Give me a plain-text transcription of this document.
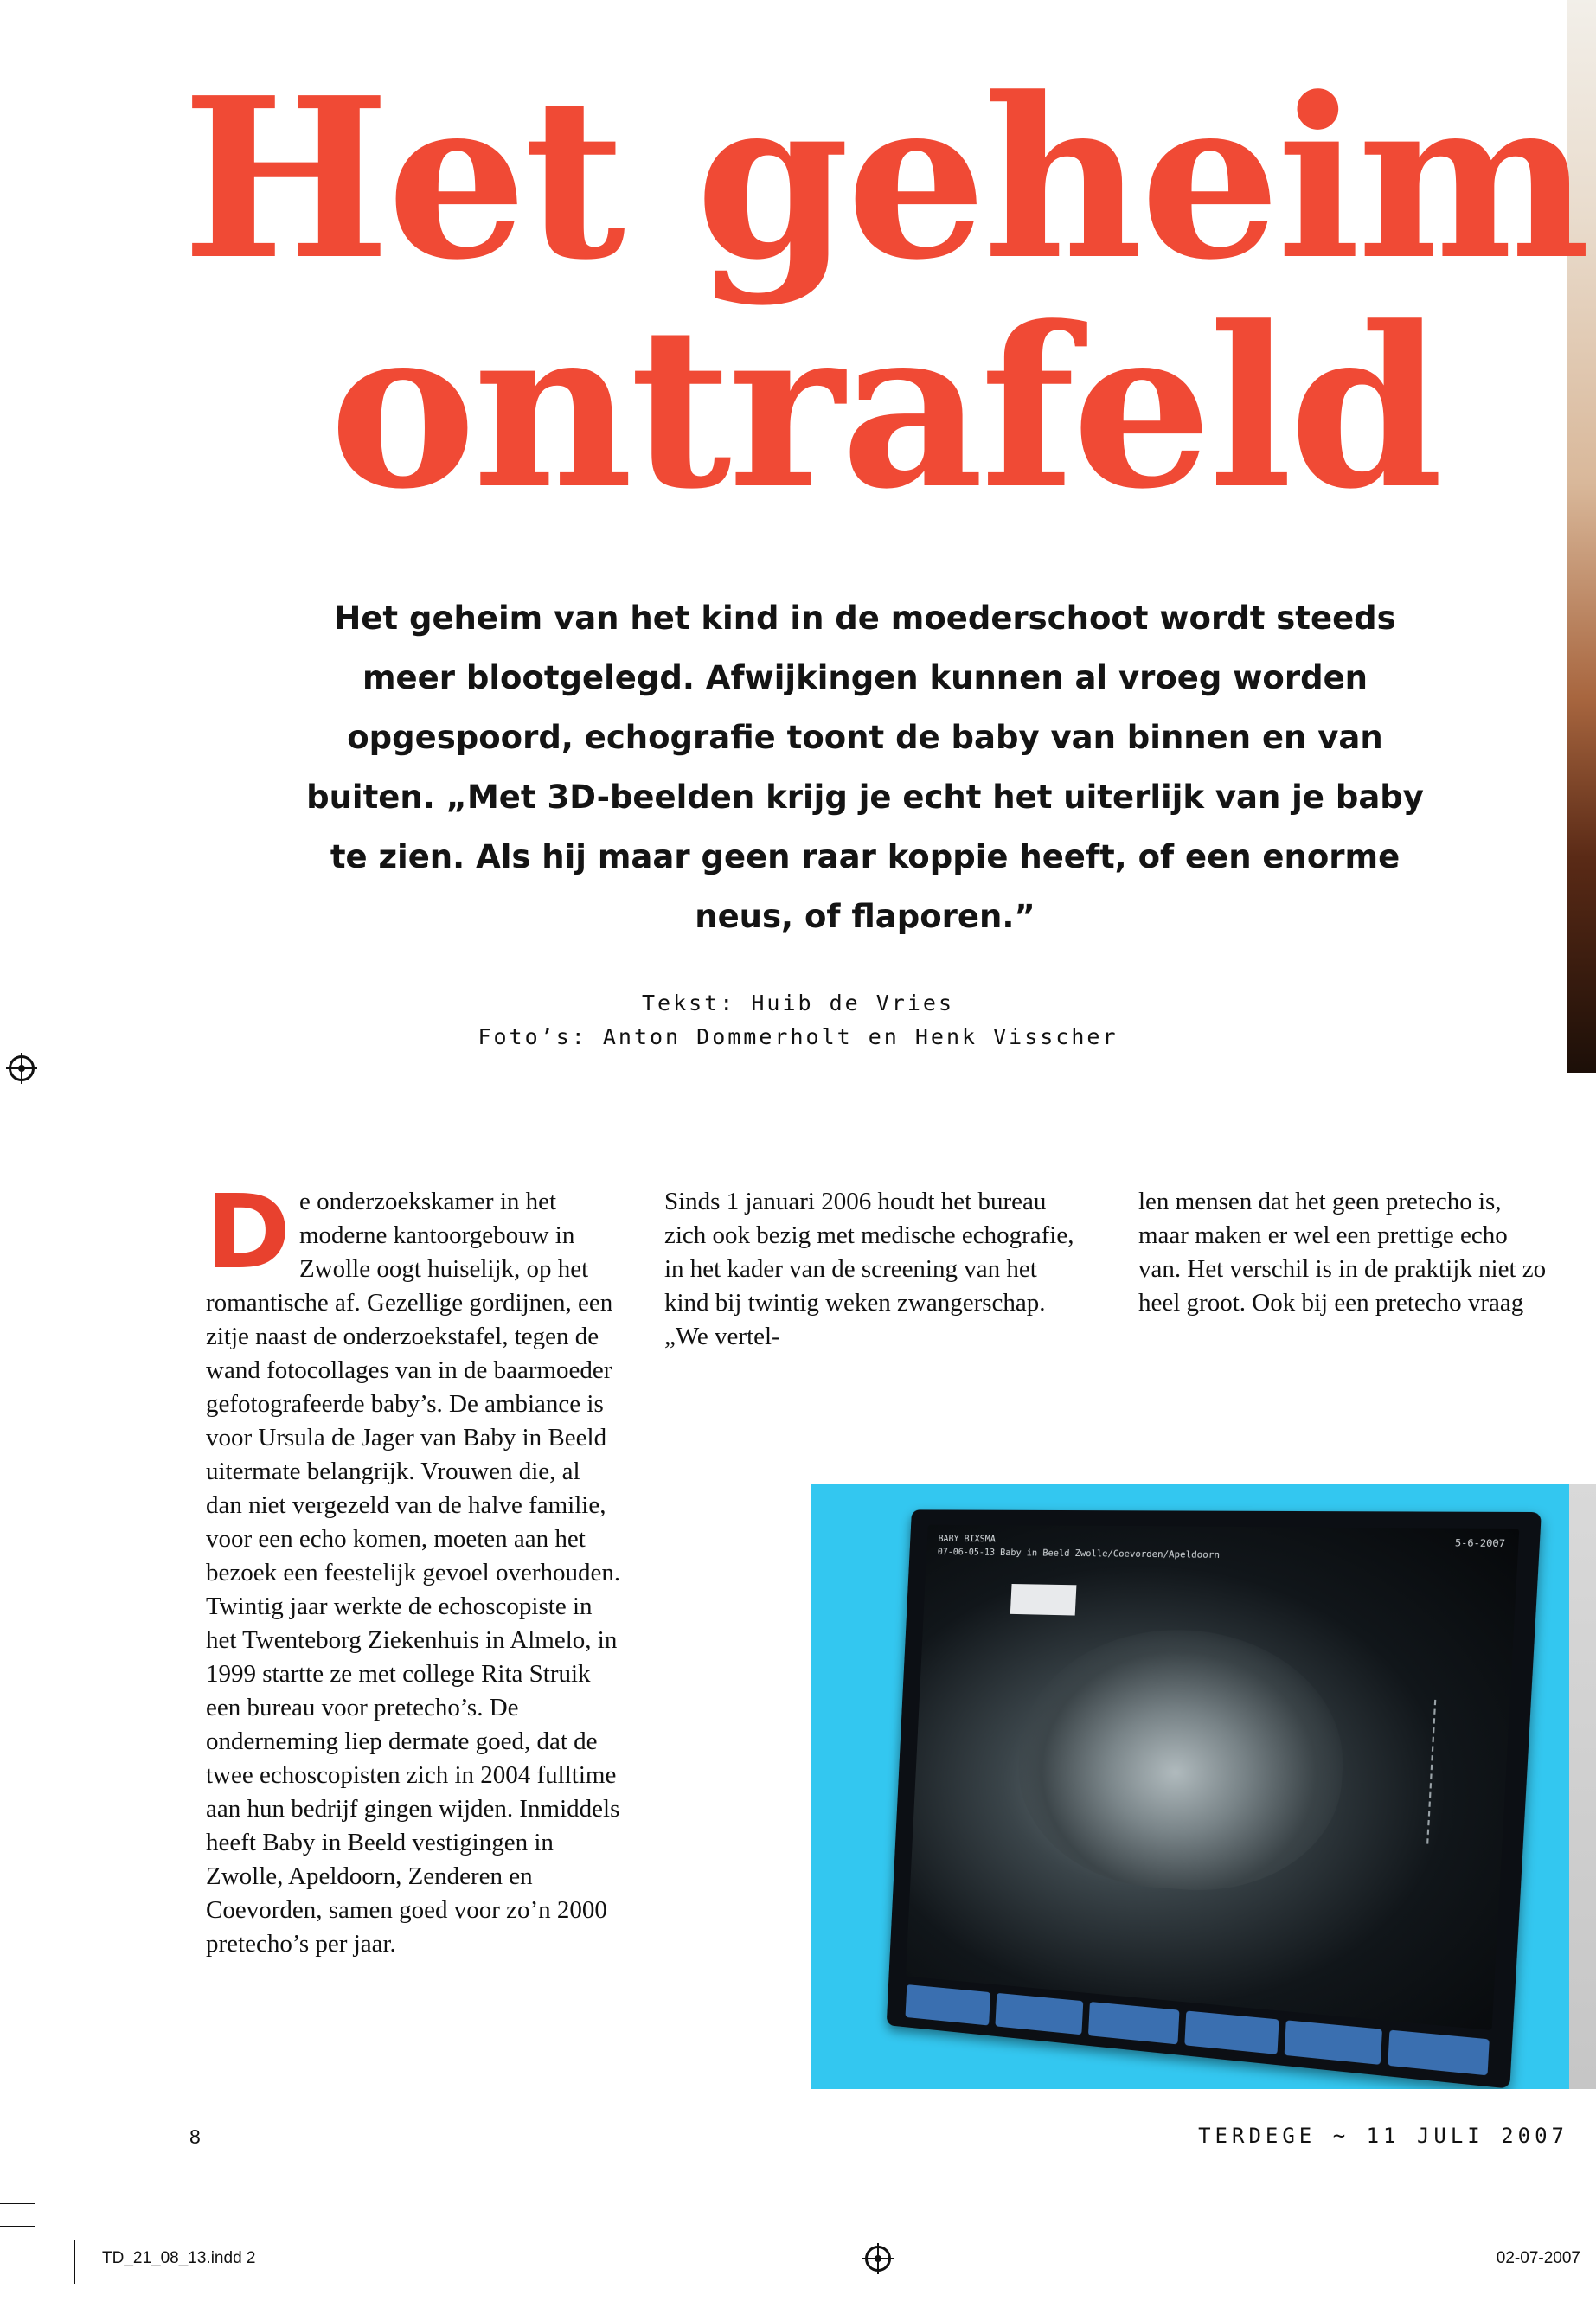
Het geheim
ontrafeld

Het geheim van het kind in de moederschoot wordt steeds meer blootgelegd. Afwijkingen kunnen al vroeg worden opgespoord, echografie toont de baby van binnen en van buiten. „Met 3D-beelden krijg je echt het uiterlijk van je baby te zien. Als hij maar geen raar koppie heeft, of een enorme neus, of flaporen.”

Tekst: Huib de Vries
Foto’s: Anton Dommerholt en Henk Visscher
De onderzoekskamer in het moderne kantoorgebouw in Zwolle oogt huiselijk, op het romantische af. Gezellige gordijnen, een zitje naast de onderzoekstafel, tegen de wand fotocollages van in de baarmoeder gefotografeerde baby’s. De ambiance is voor Ursula de Jager van Baby in Beeld uitermate belangrijk. Vrouwen die, al dan niet vergezeld van de halve familie, voor een echo komen, moeten aan het bezoek een feestelijk gevoel overhouden. Twintig jaar werkte de echoscopiste in het Twenteborg Ziekenhuis in Almelo, in 1999 startte ze met college Rita Struik een bureau voor pretecho’s. De onderneming liep dermate goed, dat de twee echoscopisten zich in 2004 fulltime aan hun bedrijf gingen wijden. Inmiddels heeft Baby in Beeld vestigingen in Zwolle, Apeldoorn, Zenderen en Coevorden, samen goed voor zo’n 2000 pretecho’s per jaar.
Sinds 1 januari 2006 houdt het bureau zich ook bezig met medische echografie, in het kader van de screening van het kind bij twintig weken zwangerschap. „We vertel-
len mensen dat het geen pretecho is, maar maken er wel een prettige echo van. Het verschil is in de praktijk niet zo heel groot. Ook bij een pretecho vraag
BABY BIXSMA
07-06-05-13 Baby in Beeld Zwolle/Coevorden/Apeldoorn
5-6-2007
8	TERDEGE ~ 11 JULI 2007
TD_21_08_13.indd 2	02-07-2007
